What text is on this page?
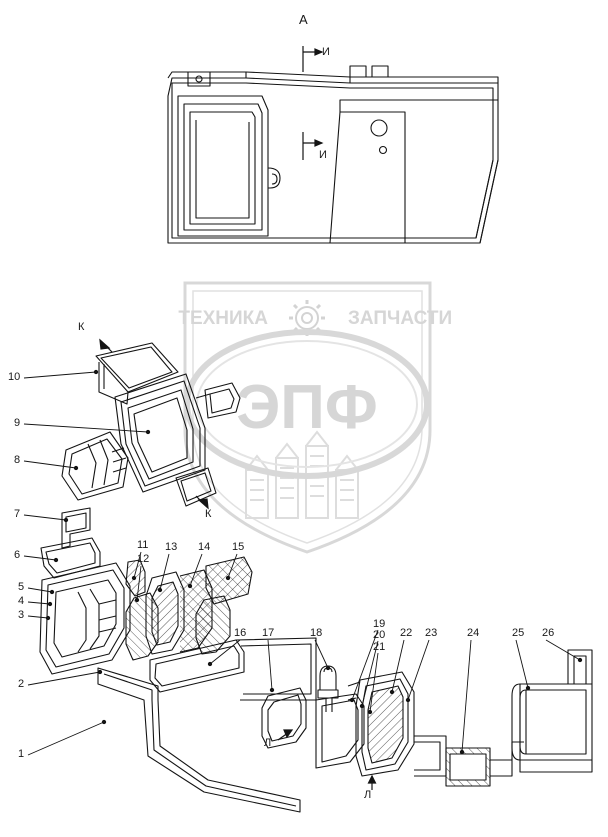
ТЕХНИКА	ЗАПЧАСТИ
ЭПФ
A
И
И
К
К
Л
Л
10
9
8
7
6
5
4
3
2
1
11
12
13 14 15
16 17	18
19
20
21
22 23	24	25 26
